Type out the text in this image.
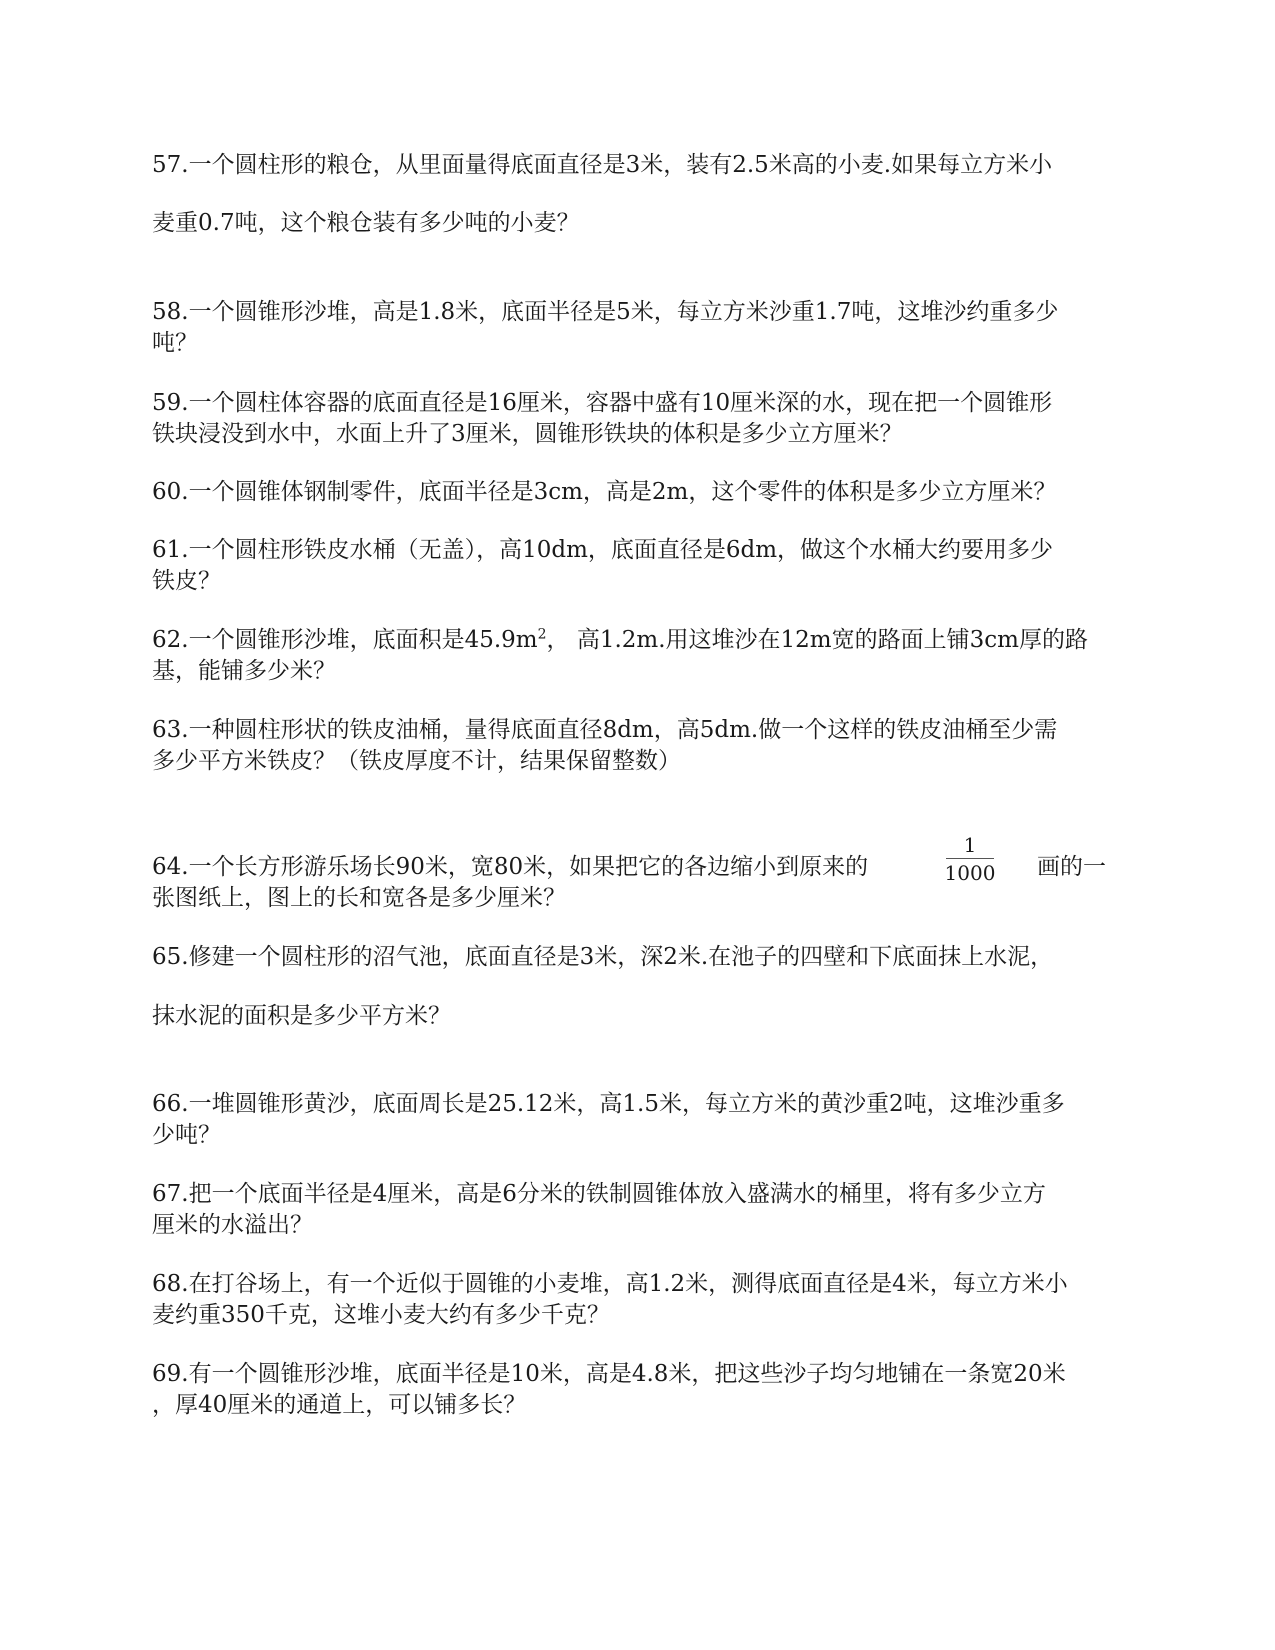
57.一个圆柱形的粮仓，从里面量得底面直径是3米，装有2.5米高的小麦.如果每立方米小
麦重0.7吨，这个粮仓装有多少吨的小麦？
58.一个圆锥形沙堆，高是1.8米，底面半径是5米，每立方米沙重1.7吨，这堆沙约重多少
吨？
59.一个圆柱体容器的底面直径是16厘米，容器中盛有10厘米深的水，现在把一个圆锥形
铁块浸没到水中，水面上升了3厘米，圆锥形铁块的体积是多少立方厘米？
60.一个圆锥体钢制零件，底面半径是3cm，高是2m，这个零件的体积是多少立方厘米？
61.一个圆柱形铁皮水桶（无盖），高10dm，底面直径是6dm，做这个水桶大约要用多少
铁皮？
62.一个圆锥形沙堆，底面积是$45.9m^2$， 高1.2m.用这堆沙在12m宽的路面上铺3cm厚的路
基，能铺多少米？
63.一种圆柱形状的铁皮油桶，量得底面直径8dm，高5dm.做一个这样的铁皮油桶至少需
多少平方米铁皮？（铁皮厚度不计，结果保留整数）
64.一个长方形游乐场长90米，宽80米，如果把它的各边缩小到原来的
1
1000 画的一
张图纸上，图上的长和宽各是多少厘米？
65.修建一个圆柱形的沼气池，底面直径是3米，深2米.在池子的四壁和下底面抹上水泥，
抹水泥的面积是多少平方米？
66.一堆圆锥形黄沙，底面周长是25.12米，高1.5米，每立方米的黄沙重2吨，这堆沙重多
少吨？
67.把一个底面半径是4厘米，高是6分米的铁制圆锥体放入盛满水的桶里，将有多少立方
厘米的水溢出？
68.在打谷场上，有一个近似于圆锥的小麦堆，高1.2米，测得底面直径是4米，每立方米小
麦约重350千克，这堆小麦大约有多少千克？
69.有一个圆锥形沙堆，底面半径是10米，高是4.8米，把这些沙子均匀地铺在一条宽20米
，厚40厘米的通道上，可以铺多长？
